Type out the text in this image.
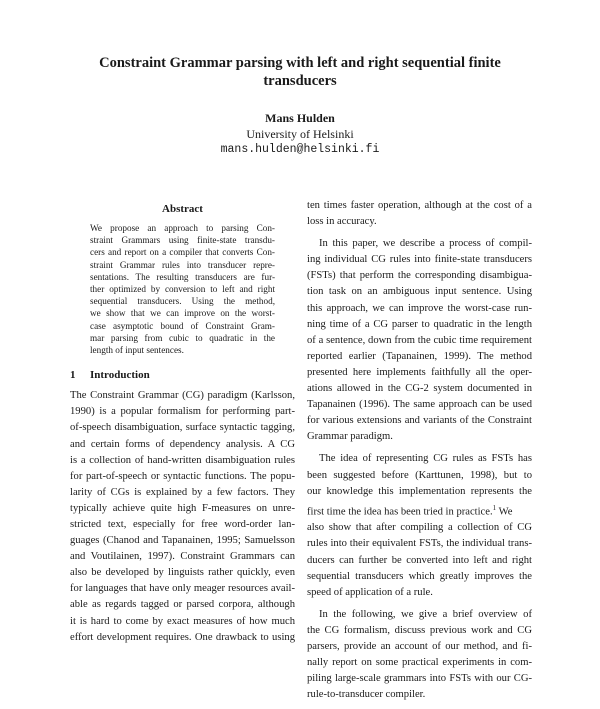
Constraint Grammar parsing with left and right sequential finite
transducers
Mans Hulden
University of Helsinki
mans.hulden@helsinki.fi
Abstract
We propose an approach to parsing Con-
straint Grammars using finite-state transdu-
cers and report on a compiler that converts Con-
straint Grammar rules into transducer repre-
sentations. The resulting transducers are fur-
ther optimized by conversion to left and right
sequential transducers. Using the method,
we show that we can improve on the worst-
case asymptotic bound of Constraint Gram-
mar parsing from cubic to quadratic in the
length of input sentences.
1 Introduction
The Constraint Grammar (CG) paradigm (Karlsson,
1990) is a popular formalism for performing part-
of-speech disambiguation, surface syntactic tagging,
and certain forms of dependency analysis. A CG
is a collection of hand-written disambiguation rules
for part-of-speech or syntactic functions. The popu-
larity of CGs is explained by a few factors. They
typically achieve quite high F-measures on unre-
stricted text, especially for free word-order lan-
guages (Chanod and Tapanainen, 1995; Samuelsson
and Voutilainen, 1997). Constraint Grammars can
also be developed by linguists rather quickly, even
for languages that have only meager resources avail-
able as regards tagged or parsed corpora, although
it is hard to come by exact measures of how much
effort development requires. One drawback to using
ten times faster operation, although at the cost of a
loss in accuracy.
In this paper, we describe a process of compil-
ing individual CG rules into finite-state transducers
(FSTs) that perform the corresponding disambigua-
tion task on an ambiguous input sentence. Using
this approach, we can improve the worst-case run-
ning time of a CG parser to quadratic in the length
of a sentence, down from the cubic time requirement
reported earlier (Tapanainen, 1999). The method
presented here implements faithfully all the oper-
ations allowed in the CG-2 system documented in
Tapanainen (1996). The same approach can be used
for various extensions and variants of the Constraint
Grammar paradigm.
The idea of representing CG rules as FSTs has
been suggested before (Karttunen, 1998), but to
our knowledge this implementation represents the
first time the idea has been tried in practice.$^1$ We
also show that after compiling a collection of CG
rules into their equivalent FSTs, the individual trans-
ducers can further be converted into left and right
sequential transducers which greatly improves the
speed of application of a rule.
In the following, we give a brief overview of
the CG formalism, discuss previous work and CG
parsers, provide an account of our method, and fi-
nally report on some practical experiments in com-
piling large-scale grammars into FSTs with our CG-
rule-to-transducer compiler.
